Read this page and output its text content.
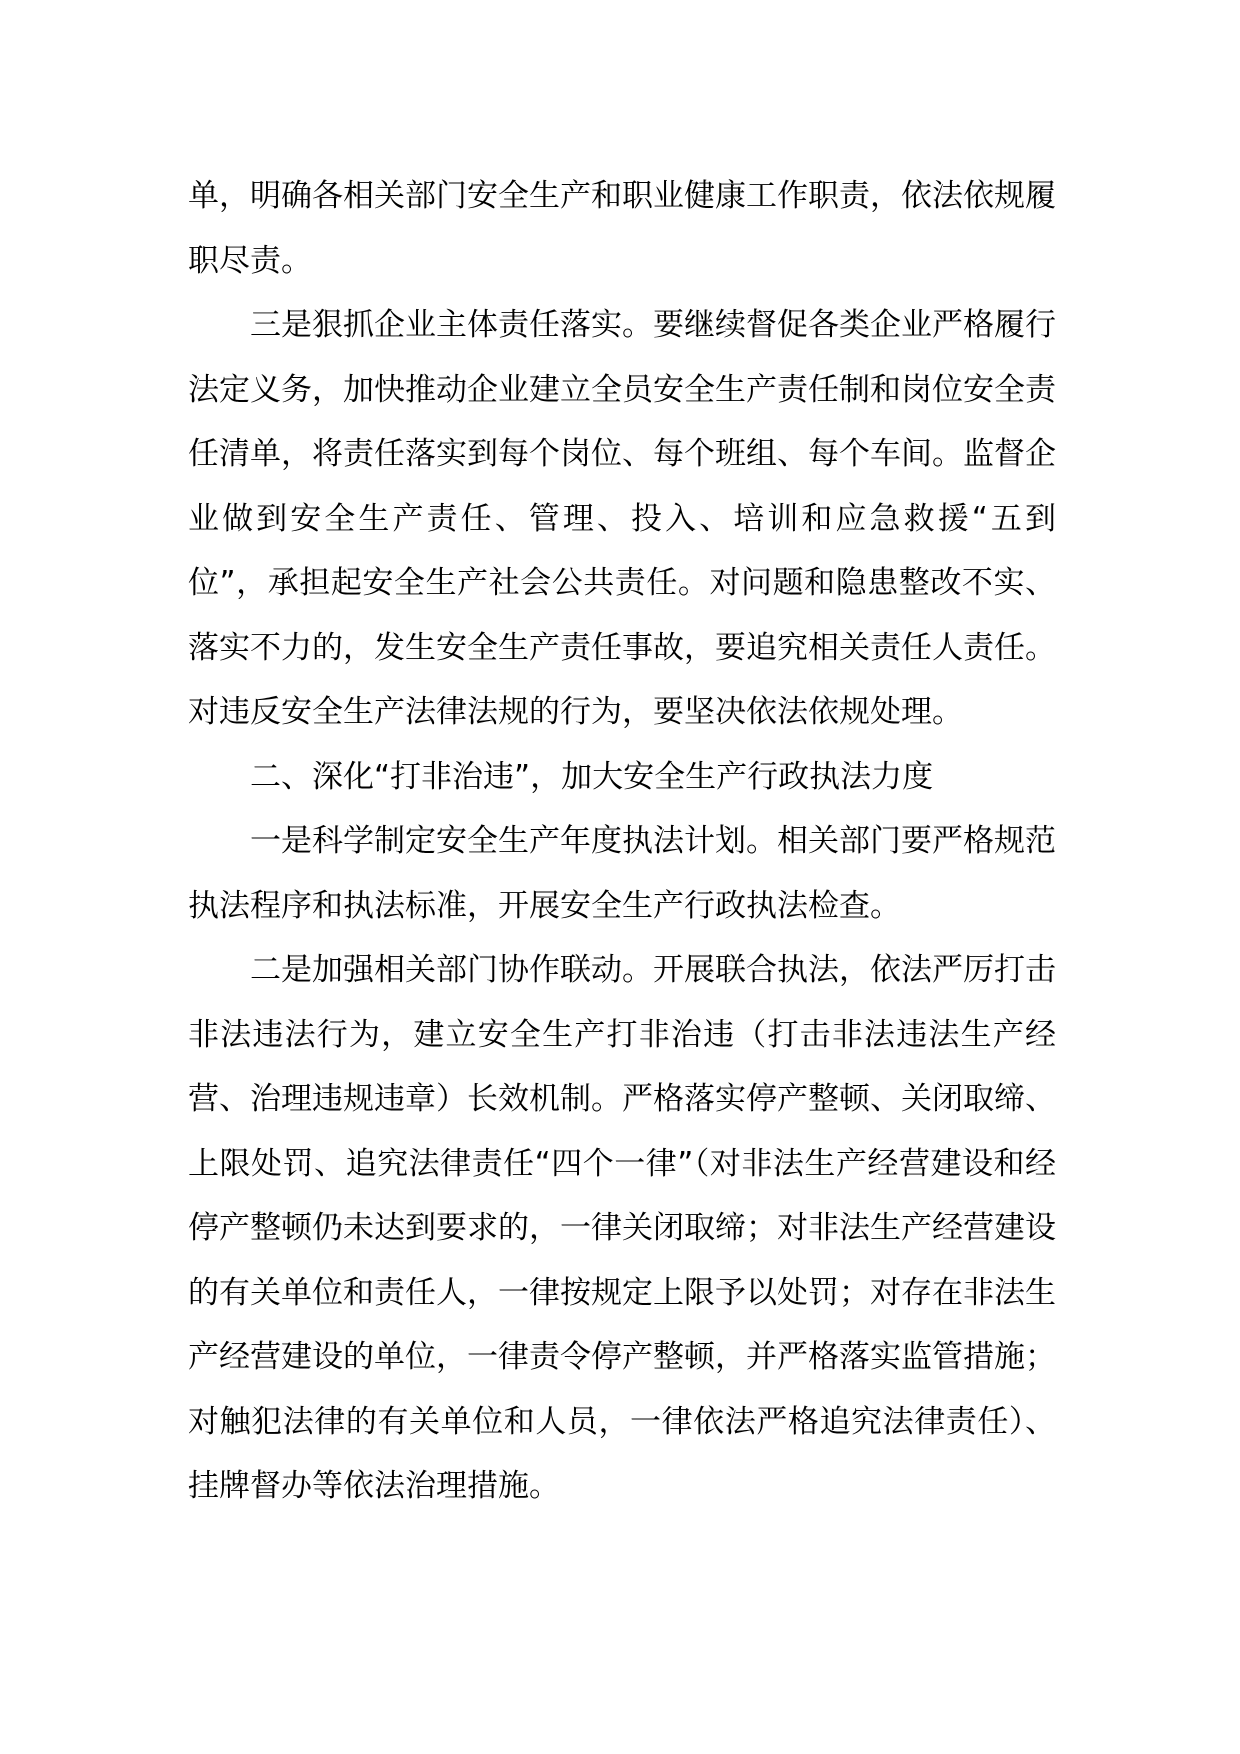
单，明确各相关部门安全生产和职业健康工作职责，依法依规履职尽责。

三是狠抓企业主体责任落实。要继续督促各类企业严格履行法定义务，加快推动企业建立全员安全生产责任制和岗位安全责任清单，将责任落实到每个岗位、每个班组、每个车间。监督企业做到安全生产责任、管理、投入、培训和应急救援“五到位”，承担起安全生产社会公共责任。对问题和隐患整改不实、落实不力的，发生安全生产责任事故，要追究相关责任人责任。对违反安全生产法律法规的行为，要坚决依法依规处理。

二、深化“打非治违”，加大安全生产行政执法力度

一是科学制定安全生产年度执法计划。相关部门要严格规范执法程序和执法标准，开展安全生产行政执法检查。

二是加强相关部门协作联动。开展联合执法，依法严厉打击非法违法行为，建立安全生产打非治违（打击非法违法生产经营、治理违规违章）长效机制。严格落实停产整顿、关闭取缔、上限处罚、追究法律责任“四个一律”（对非法生产经营建设和经停产整顿仍未达到要求的，一律关闭取缔；对非法生产经营建设的有关单位和责任人，一律按规定上限予以处罚；对存在非法生产经营建设的单位，一律责令停产整顿，并严格落实监管措施；对触犯法律的有关单位和人员，一律依法严格追究法律责任）、挂牌督办等依法治理措施。
